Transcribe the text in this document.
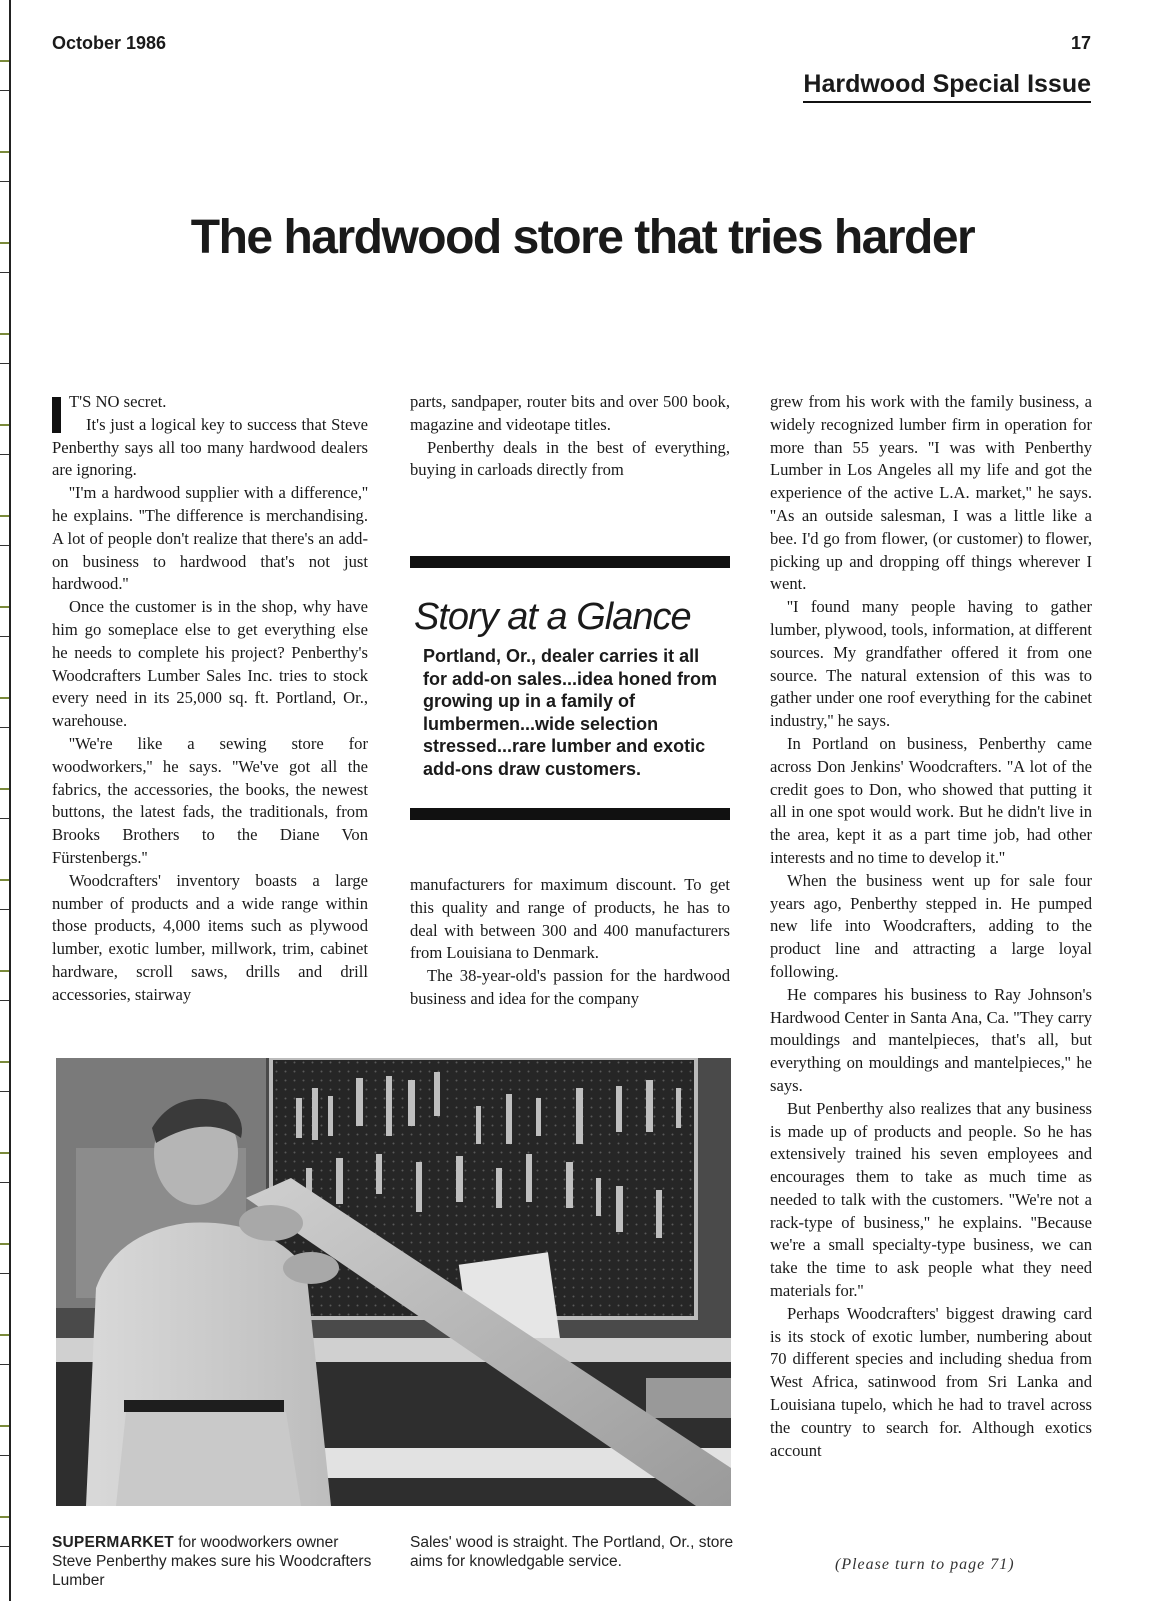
October 1986	17
Hardwood Special Issue
The hardwood store that tries harder

T'S NO secret.

It's just a logical key to success that Steve Penberthy says all too many hardwood dealers are ignoring.

''I'm a hardwood supplier with a difference,'' he explains. ''The difference is merchandising. A lot of people don't realize that there's an add-on business to hardwood that's not just hardwood.''

Once the customer is in the shop, why have him go someplace else to get everything else he needs to complete his project? Penberthy's Woodcrafters Lumber Sales Inc. tries to stock every need in its 25,000 sq. ft. Portland, Or., warehouse.

''We're like a sewing store for woodworkers,'' he says. ''We've got all the fabrics, the accessories, the books, the newest buttons, the latest fads, the traditionals, from Brooks Brothers to the Diane Von Fürstenbergs.''

Woodcrafters' inventory boasts a large number of products and a wide range within those products, 4,000 items such as plywood lumber, exotic lumber, millwork, trim, cabinet hardware, scroll saws, drills and drill accessories, stairway

parts, sandpaper, router bits and over 500 book, magazine and videotape titles.

Penberthy deals in the best of everything, buying in carloads directly from

Story at a Glance
Portland, Or., dealer carries it all for add-on sales...idea honed from growing up in a family of lumbermen...wide selection stressed...rare lumber and exotic add-ons draw customers.

manufacturers for maximum discount. To get this quality and range of products, he has to deal with between 300 and 400 manufacturers from Louisiana to Denmark.

The 38-year-old's passion for the hardwood business and idea for the company

grew from his work with the family business, a widely recognized lumber firm in operation for more than 55 years. ''I was with Penberthy Lumber in Los Angeles all my life and got the experience of the active L.A. market,'' he says. ''As an outside salesman, I was a little like a bee. I'd go from flower, (or customer) to flower, picking up and dropping off things wherever I went.

''I found many people having to gather lumber, plywood, tools, information, at different sources. My grandfather offered it from one source. The natural extension of this was to gather under one roof everything for the cabinet industry,'' he says.

In Portland on business, Penberthy came across Don Jenkins' Woodcrafters. ''A lot of the credit goes to Don, who showed that putting it all in one spot would work. But he didn't live in the area, kept it as a part time job, had other interests and no time to develop it.''

When the business went up for sale four years ago, Penberthy stepped in. He pumped new life into Woodcrafters, adding to the product line and attracting a large loyal following.

He compares his business to Ray Johnson's Hardwood Center in Santa Ana, Ca. ''They carry mouldings and mantelpieces, that's all, but everything on mouldings and mantelpieces,'' he says.

But Penberthy also realizes that any business is made up of products and people. So he has extensively trained his seven employees and encourages them to take as much time as needed to talk with the customers. ''We're not a rack-type of business,'' he explains. ''Because we're a small specialty-type business, we can take the time to ask people what they need materials for.''

Perhaps Woodcrafters' biggest drawing card is its stock of exotic lumber, numbering about 70 different species and including shedua from West Africa, satinwood from Sri Lanka and Louisiana tupelo, which he had to travel across the country to search for. Although exotics account

SUPERMARKET for woodworkers owner Steve Penberthy makes sure his Woodcrafters Lumber
Sales' wood is straight. The Portland, Or., store aims for knowledgable service.	(Please turn to page 71)
